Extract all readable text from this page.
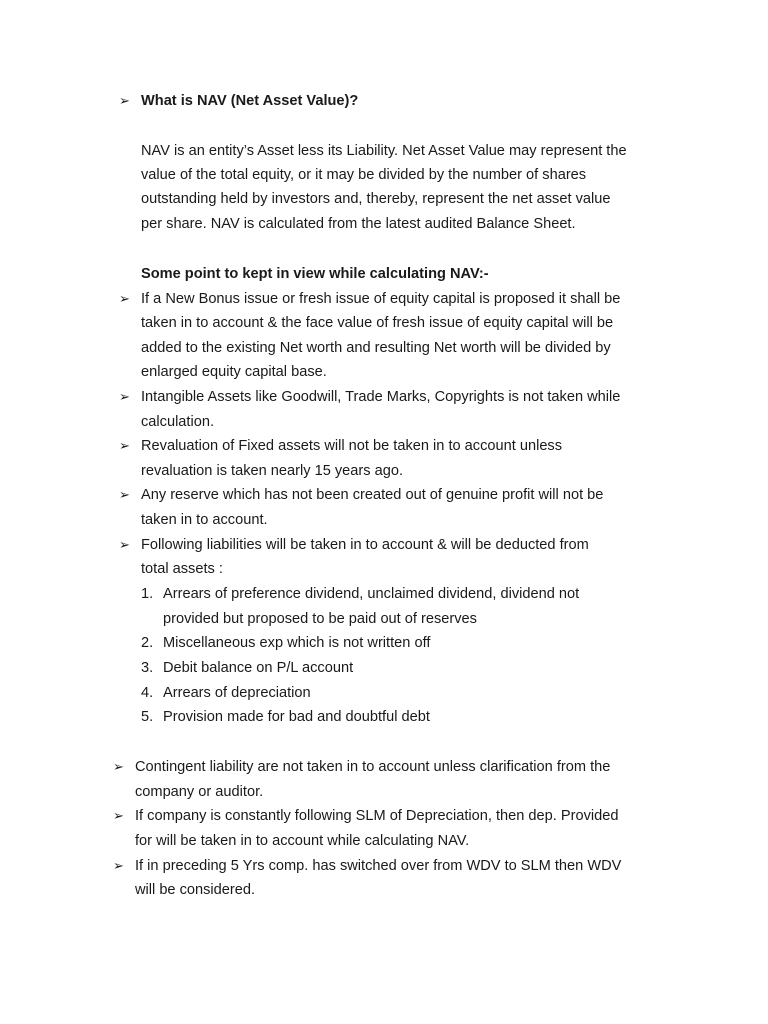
➢ What is NAV (Net Asset Value)?
NAV is an entity’s Asset less its Liability. Net Asset Value may represent the
value of the total equity, or it may be divided by the number of shares
outstanding held by investors and, thereby, represent the net asset value
per share. NAV is calculated from the latest audited Balance Sheet.
Some point to kept in view while calculating NAV:-
➢ If a New Bonus issue or fresh issue of equity capital is proposed it shall be
taken in to account & the face value of fresh issue of equity capital will be
added to the existing Net worth and resulting Net worth will be divided by
enlarged equity capital base.
➢ Intangible Assets like Goodwill, Trade Marks, Copyrights is not taken while
calculation.
➢ Revaluation of Fixed assets will not be taken in to account unless
revaluation is taken nearly 15 years ago.
➢ Any reserve which has not been created out of genuine profit will not be
taken in to account.
➢ Following liabilities will be taken in to account & will be deducted from
total assets :
1. Arrears of preference dividend, unclaimed dividend, dividend not
provided but proposed to be paid out of reserves
2. Miscellaneous exp which is not written off
3. Debit balance on P/L account
4. Arrears of depreciation
5. Provision made for bad and doubtful debt
➢ Contingent liability are not taken in to account unless clarification from the
company or auditor.
➢ If company is constantly following SLM of Depreciation, then dep. Provided
for will be taken in to account while calculating NAV.
➢ If in preceding 5 Yrs comp. has switched over from WDV to SLM then WDV
will be considered.
